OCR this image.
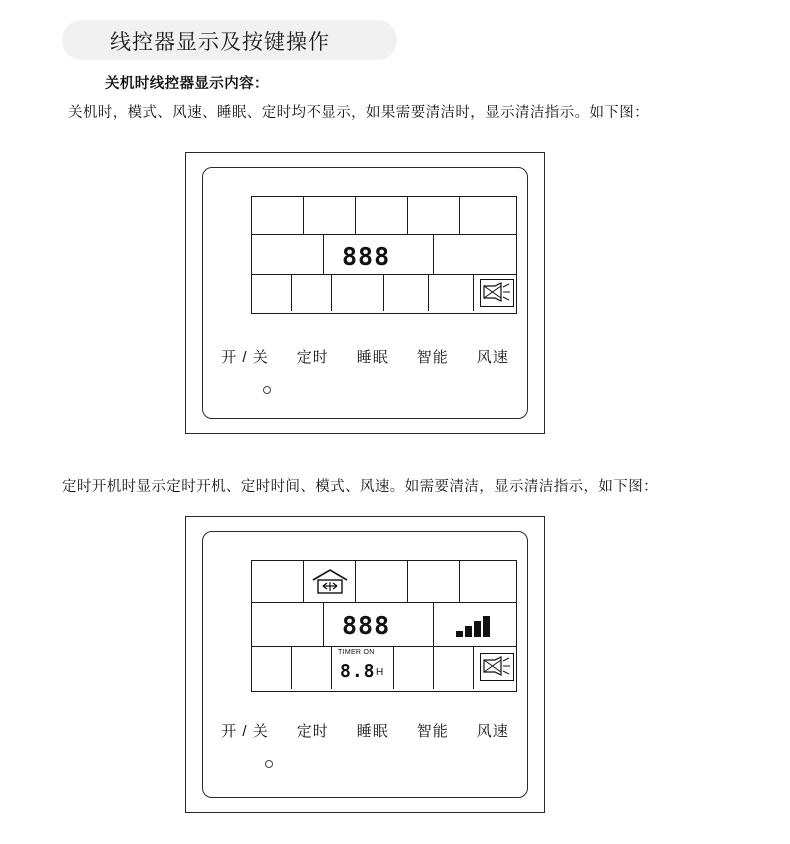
线控器显示及按键操作
关机时线控器显示内容：
关机时，模式、风速、睡眠、定时均不显示，如果需要清洁时，显示清洁指示。如下图：
定时开机时显示定时开机、定时时间、模式、风速。如需要清洁，显示清洁指示，如下图：
888
开 / 关 定时 睡眠 智能 风速
888
TIMER ON
8.8 H
开 / 关 定时 睡眠 智能 风速
